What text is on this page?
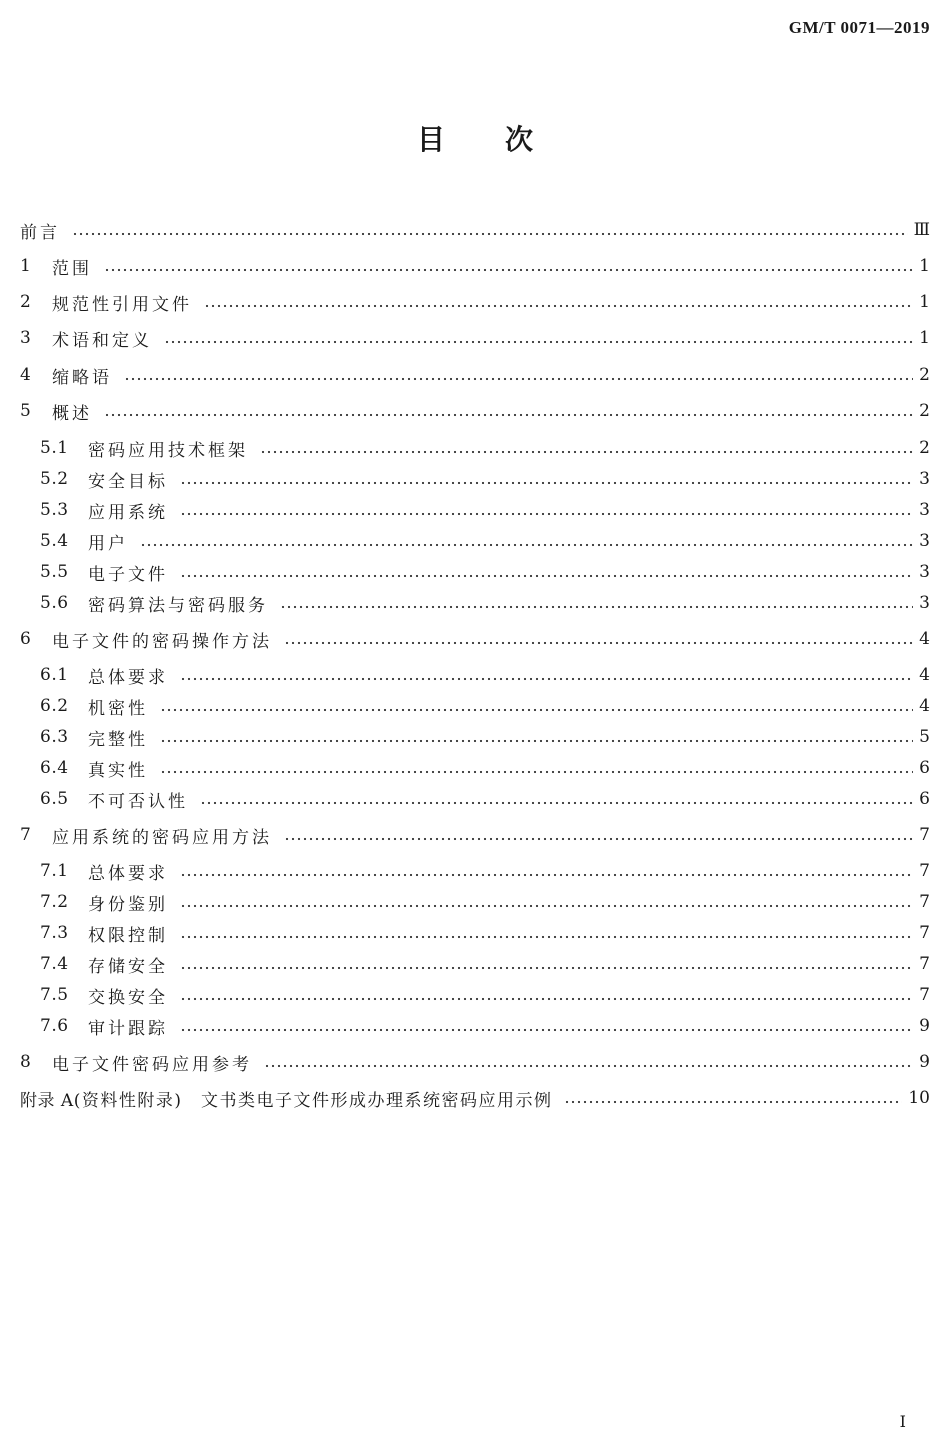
GM/T 0071—2019
目次
前言	Ⅲ
1	范围	1
2	规范性引用文件	1
3	术语和定义	1
4	缩略语	2
5	概述	2
5.1	密码应用技术框架	2
5.2	安全目标	3
5.3	应用系统	3
5.4	用户	3
5.5	电子文件	3
5.6	密码算法与密码服务	3
6	电子文件的密码操作方法	4
6.1	总体要求	4
6.2	机密性	4
6.3	完整性	5
6.4	真实性	6
6.5	不可否认性	6
7	应用系统的密码应用方法	7
7.1	总体要求	7
7.2	身份鉴别	7
7.3	权限控制	7
7.4	存储安全	7
7.5	交换安全	7
7.6	审计跟踪	9
8	电子文件密码应用参考	9
附录 A (资料性附录)　文书类电子文件形成办理系统密码应用示例	10
I
